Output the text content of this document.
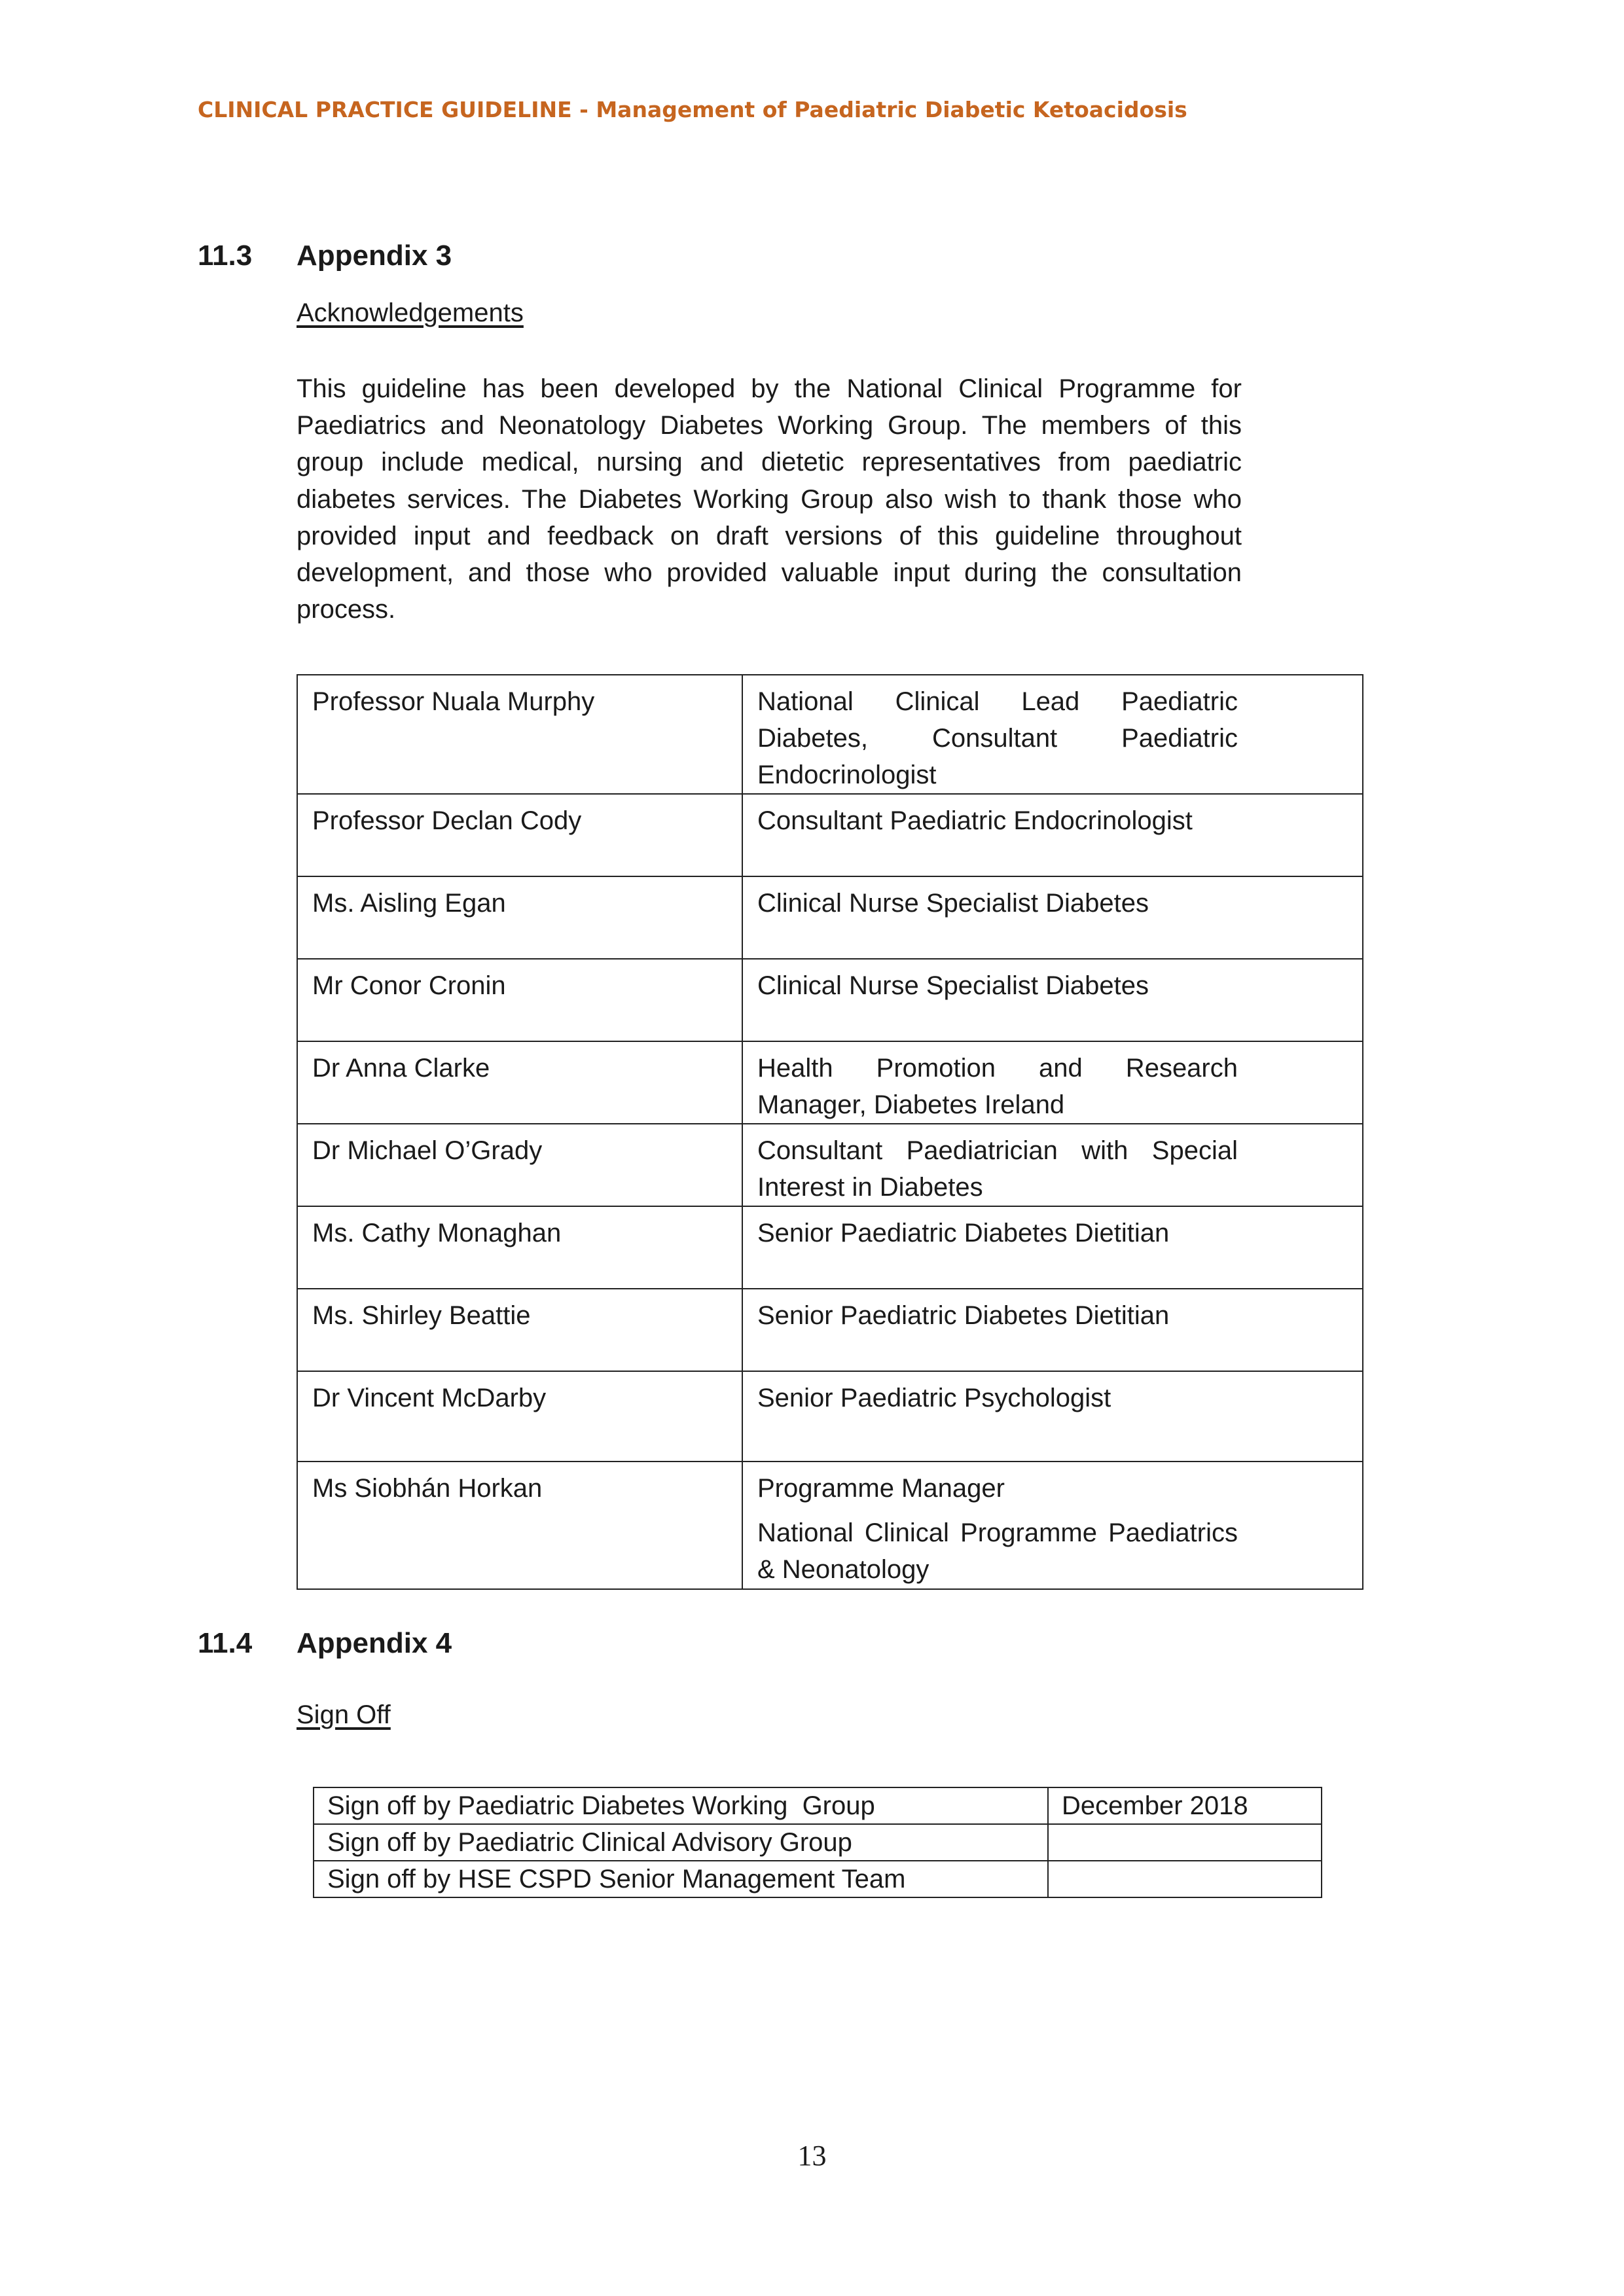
CLINICAL PRACTICE GUIDELINE - Management of Paediatric Diabetic Ketoacidosis
11.3 Appendix 3
Acknowledgements

This guideline has been developed by the National Clinical Programme for Paediatrics and Neonatology Diabetes Working Group. The members of this group include medical, nursing and dietetic representatives from paediatric diabetes services. The Diabetes Working Group also wish to thank those who provided input and feedback on draft versions of this guideline throughout development, and those who provided valuable input during the consultation process.

Professor Nuala Murphy	National Clinical Lead Paediatric Diabetes, Consultant Paediatric Endocrinologist
Professor Declan Cody	Consultant Paediatric Endocrinologist
Ms. Aisling Egan	Clinical Nurse Specialist Diabetes
Mr Conor Cronin	Clinical Nurse Specialist Diabetes
Dr Anna Clarke	Health Promotion and Research Manager, Diabetes Ireland
Dr Michael O’Grady	Consultant Paediatrician with Special Interest in Diabetes
Ms. Cathy Monaghan	Senior Paediatric Diabetes Dietitian
Ms. Shirley Beattie	Senior Paediatric Diabetes Dietitian
Dr Vincent McDarby	Senior Paediatric Psychologist
Ms Siobhán Horkan	Programme Manager
National Clinical Programme Paediatrics & Neonatology
11.4 Appendix 4
Sign Off
Sign off by Paediatric Diabetes Working  Group	December 2018
Sign off by Paediatric Clinical Advisory Group	
Sign off by HSE CSPD Senior Management Team	
13
